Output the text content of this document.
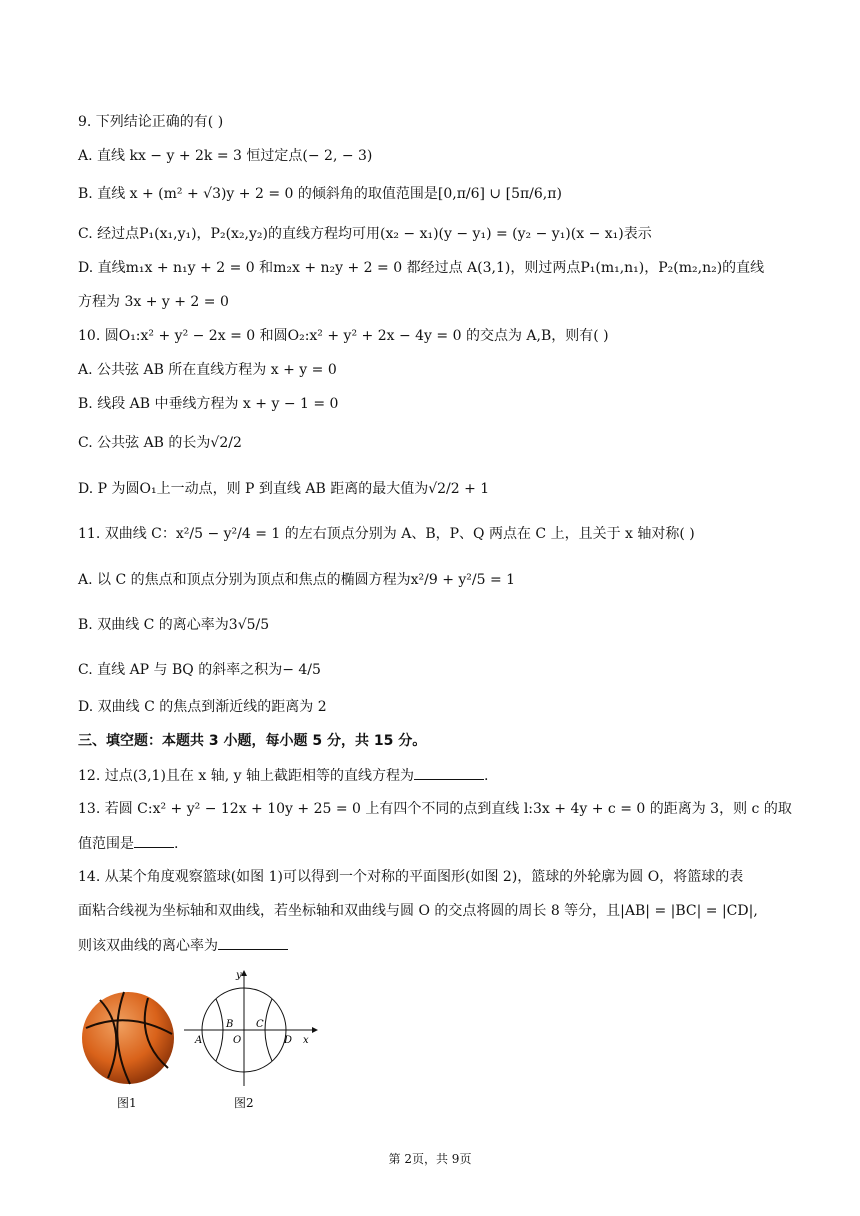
9. 下列结论正确的有( )
A. 直线 kx − y + 2k = 3 恒过定点(− 2, − 3)
B. 直线 x + (m² + √3)y + 2 = 0 的倾斜角的取值范围是[0,π/6] ∪ [5π/6,π)
C. 经过点P₁(x₁,y₁)，P₂(x₂,y₂)的直线方程均可用(x₂ − x₁)(y − y₁) = (y₂ − y₁)(x − x₁)表示
D. 直线m₁x + n₁y + 2 = 0 和m₂x + n₂y + 2 = 0 都经过点 A(3,1)，则过两点P₁(m₁,n₁)，P₂(m₂,n₂)的直线
方程为 3x + y + 2 = 0
10. 圆O₁:x² + y² − 2x = 0 和圆O₂:x² + y² + 2x − 4y = 0 的交点为 A,B，则有( )
A. 公共弦 AB 所在直线方程为 x + y = 0
B. 线段 AB 中垂线方程为 x + y − 1 = 0
C. 公共弦 AB 的长为√2/2
D. P 为圆O₁上一动点，则 P 到直线 AB 距离的最大值为√2/2 + 1
11. 双曲线 C：x²/5 − y²/4 = 1 的左右顶点分别为 A、B，P、Q 两点在 C 上，且关于 x 轴对称( )
A. 以 C 的焦点和顶点分别为顶点和焦点的椭圆方程为x²/9 + y²/5 = 1
B. 双曲线 C 的离心率为3√5/5
C. 直线 AP 与 BQ 的斜率之积为− 4/5
D. 双曲线 C 的焦点到渐近线的距离为 2
三、填空题：本题共 3 小题，每小题 5 分，共 15 分。
12. 过点(3,1)且在 x 轴, y 轴上截距相等的直线方程为	.
13. 若圆 C:x² + y² − 12x + 10y + 25 = 0 上有四个不同的点到直线 l:3x + 4y + c = 0 的距离为 3，则 c 的取
值范围是	.
14. 从某个角度观察篮球(如图 1)可以得到一个对称的平面图形(如图 2)，篮球的外轮廓为圆 O，将篮球的表
面粘合线视为坐标轴和双曲线，若坐标轴和双曲线与圆 O 的交点将圆的周长 8 等分，且|AB| = |BC| = |CD|,
则该双曲线的离心率为
图1
y
x
A
B
O
C
D
图2
第 2页，共 9页
